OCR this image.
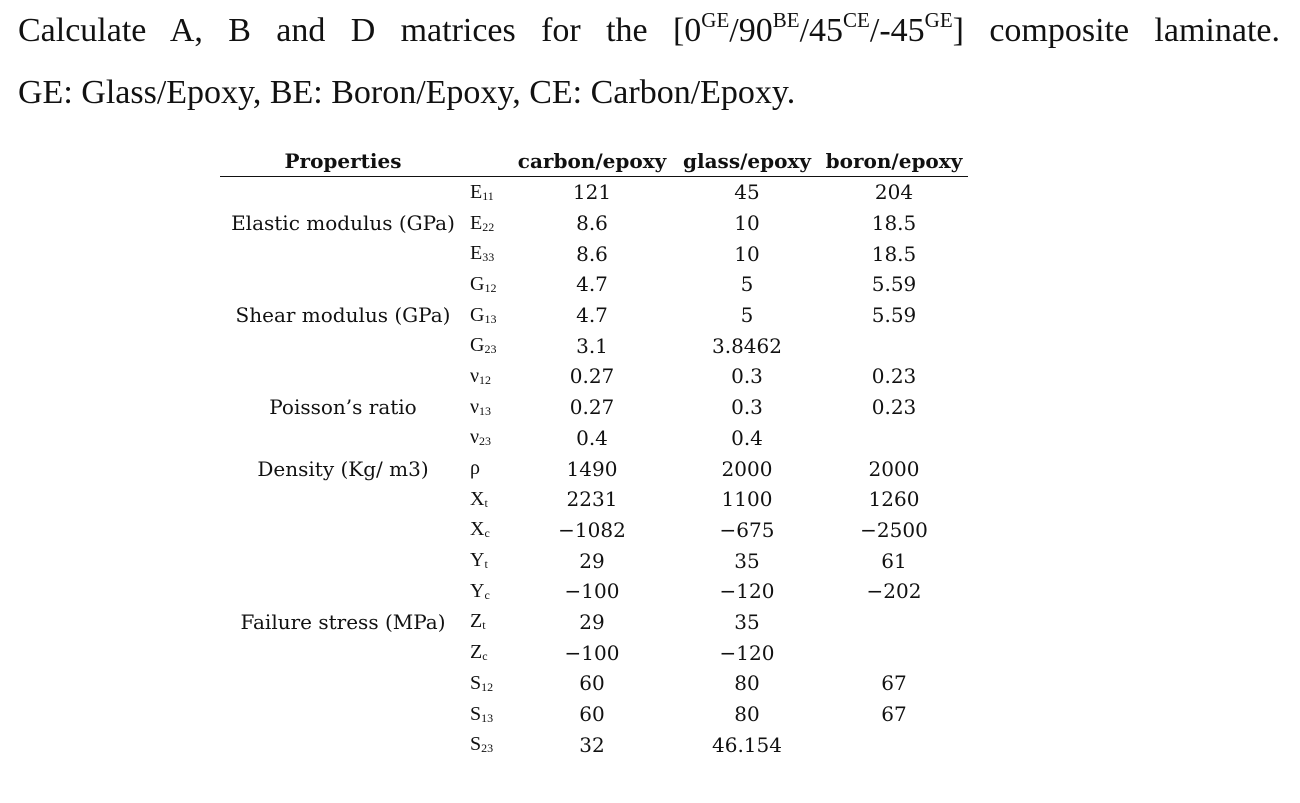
Calculate A, B and D matrices for the $[0^{GE}/90^{BE}/45^{CE}/-45^{GE}]$ composite laminate.

GE: Glass/Epoxy, BE: Boron/Epoxy, CE: Carbon/Epoxy.

Properties		carbon/epoxy	glass/epoxy	boron/epoxy
Elastic modulus (GPa)	$E_{11}$	121	45	204
	$E_{22}$	8.6	10	18.5
	$E_{33}$	8.6	10	18.5
Shear modulus (GPa)	$G_{12}$	4.7	5	5.59
	$G_{13}$	4.7	5	5.59
	$G_{23}$	3.1	3.8462	
Poisson’s ratio	$\nu_{12}$	0.27	0.3	0.23
	$\nu_{13}$	0.27	0.3	0.23
	$\nu_{23}$	0.4	0.4	
Density (Kg/ m3)	ρ	1490	2000	2000
Failure stress (MPa)	$X_t$	2231	1100	1260
	$X_c$	−1082	−675	−2500
	$Y_t$	29	35	61
	$Y_c$	−100	−120	−202
	$Z_t$	29	35	
	$Z_c$	−100	−120	
	$S_{12}$	60	80	67
	$S_{13}$	60	80	67
	$S_{23}$	32	46.154	
